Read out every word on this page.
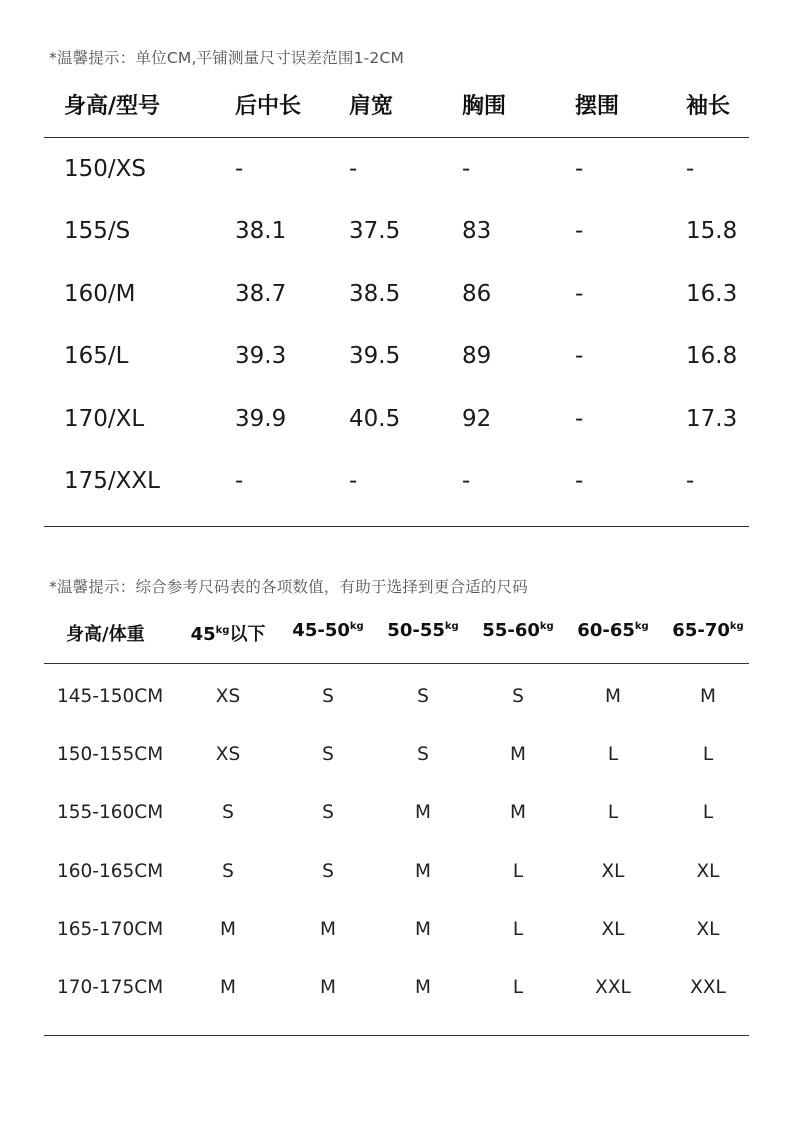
*温馨提示：单位CM,平铺测量尺寸误差范围1-2CM
身高/型号	后中长 肩宽	胸围	摆围	袖长
150/XS	-	-	-	-	-
155/S	38.1	37.5	83	-	15.8
160/M	38.7	38.5	86	-	16.3
165/L	39.3	39.5	89	-	16.8
170/XL	39.9	40.5	92	-	17.3
175/XXL	-	-	-	-	-
*温馨提示：综合参考尺码表的各项数值，有助于选择到更合适的尺码
身高/体重	$45^{kg}$以下 $45-50^{kg}$ $50-55^{kg}$ $55-60^{kg}$ $60-65^{kg}$ $65-70^{kg}$
145-150CM	XS	S	S	S	M	M
150-155CM	XS	S	S	M	L	L
155-160CM	S	S	M	M	L	L
160-165CM	S	S	M	L	XL	XL
165-170CM	M	M	M	L	XL	XL
170-175CM	M	M	M	L	XXL	XXL
